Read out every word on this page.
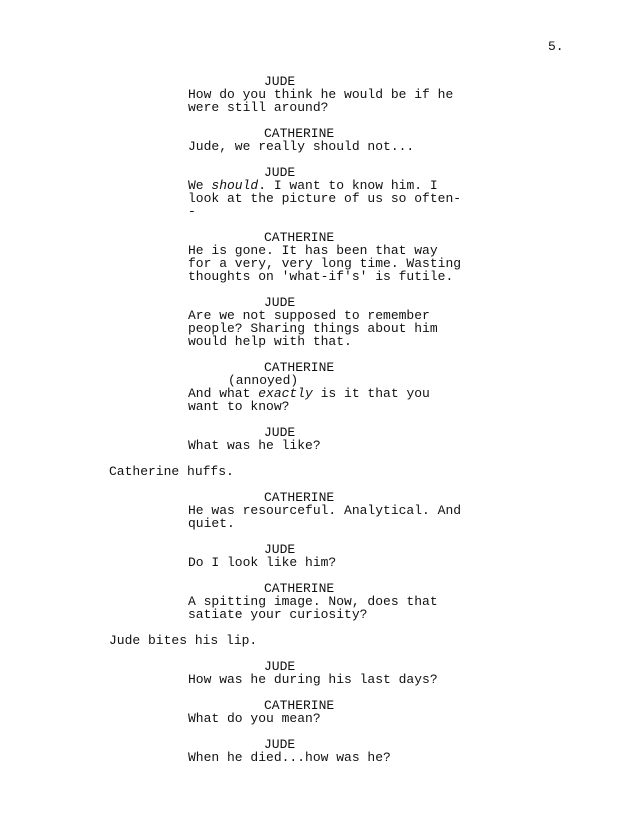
5.
JUDE
How do you think he would be if he
were still around?
CATHERINE
Jude, we really should not...
JUDE
We should. I want to know him. I
look at the picture of us so often-
-
CATHERINE
He is gone. It has been that way
for a very, very long time. Wasting
thoughts on 'what-if's' is futile.
JUDE
Are we not supposed to remember
people? Sharing things about him
would help with that.
CATHERINE
(annoyed)
And what exactly is it that you
want to know?
JUDE
What was he like?
Catherine huffs.
CATHERINE
He was resourceful. Analytical. And
quiet.
JUDE
Do I look like him?
CATHERINE
A spitting image. Now, does that
satiate your curiosity?
Jude bites his lip.
JUDE
How was he during his last days?
CATHERINE
What do you mean?
JUDE
When he died...how was he?
